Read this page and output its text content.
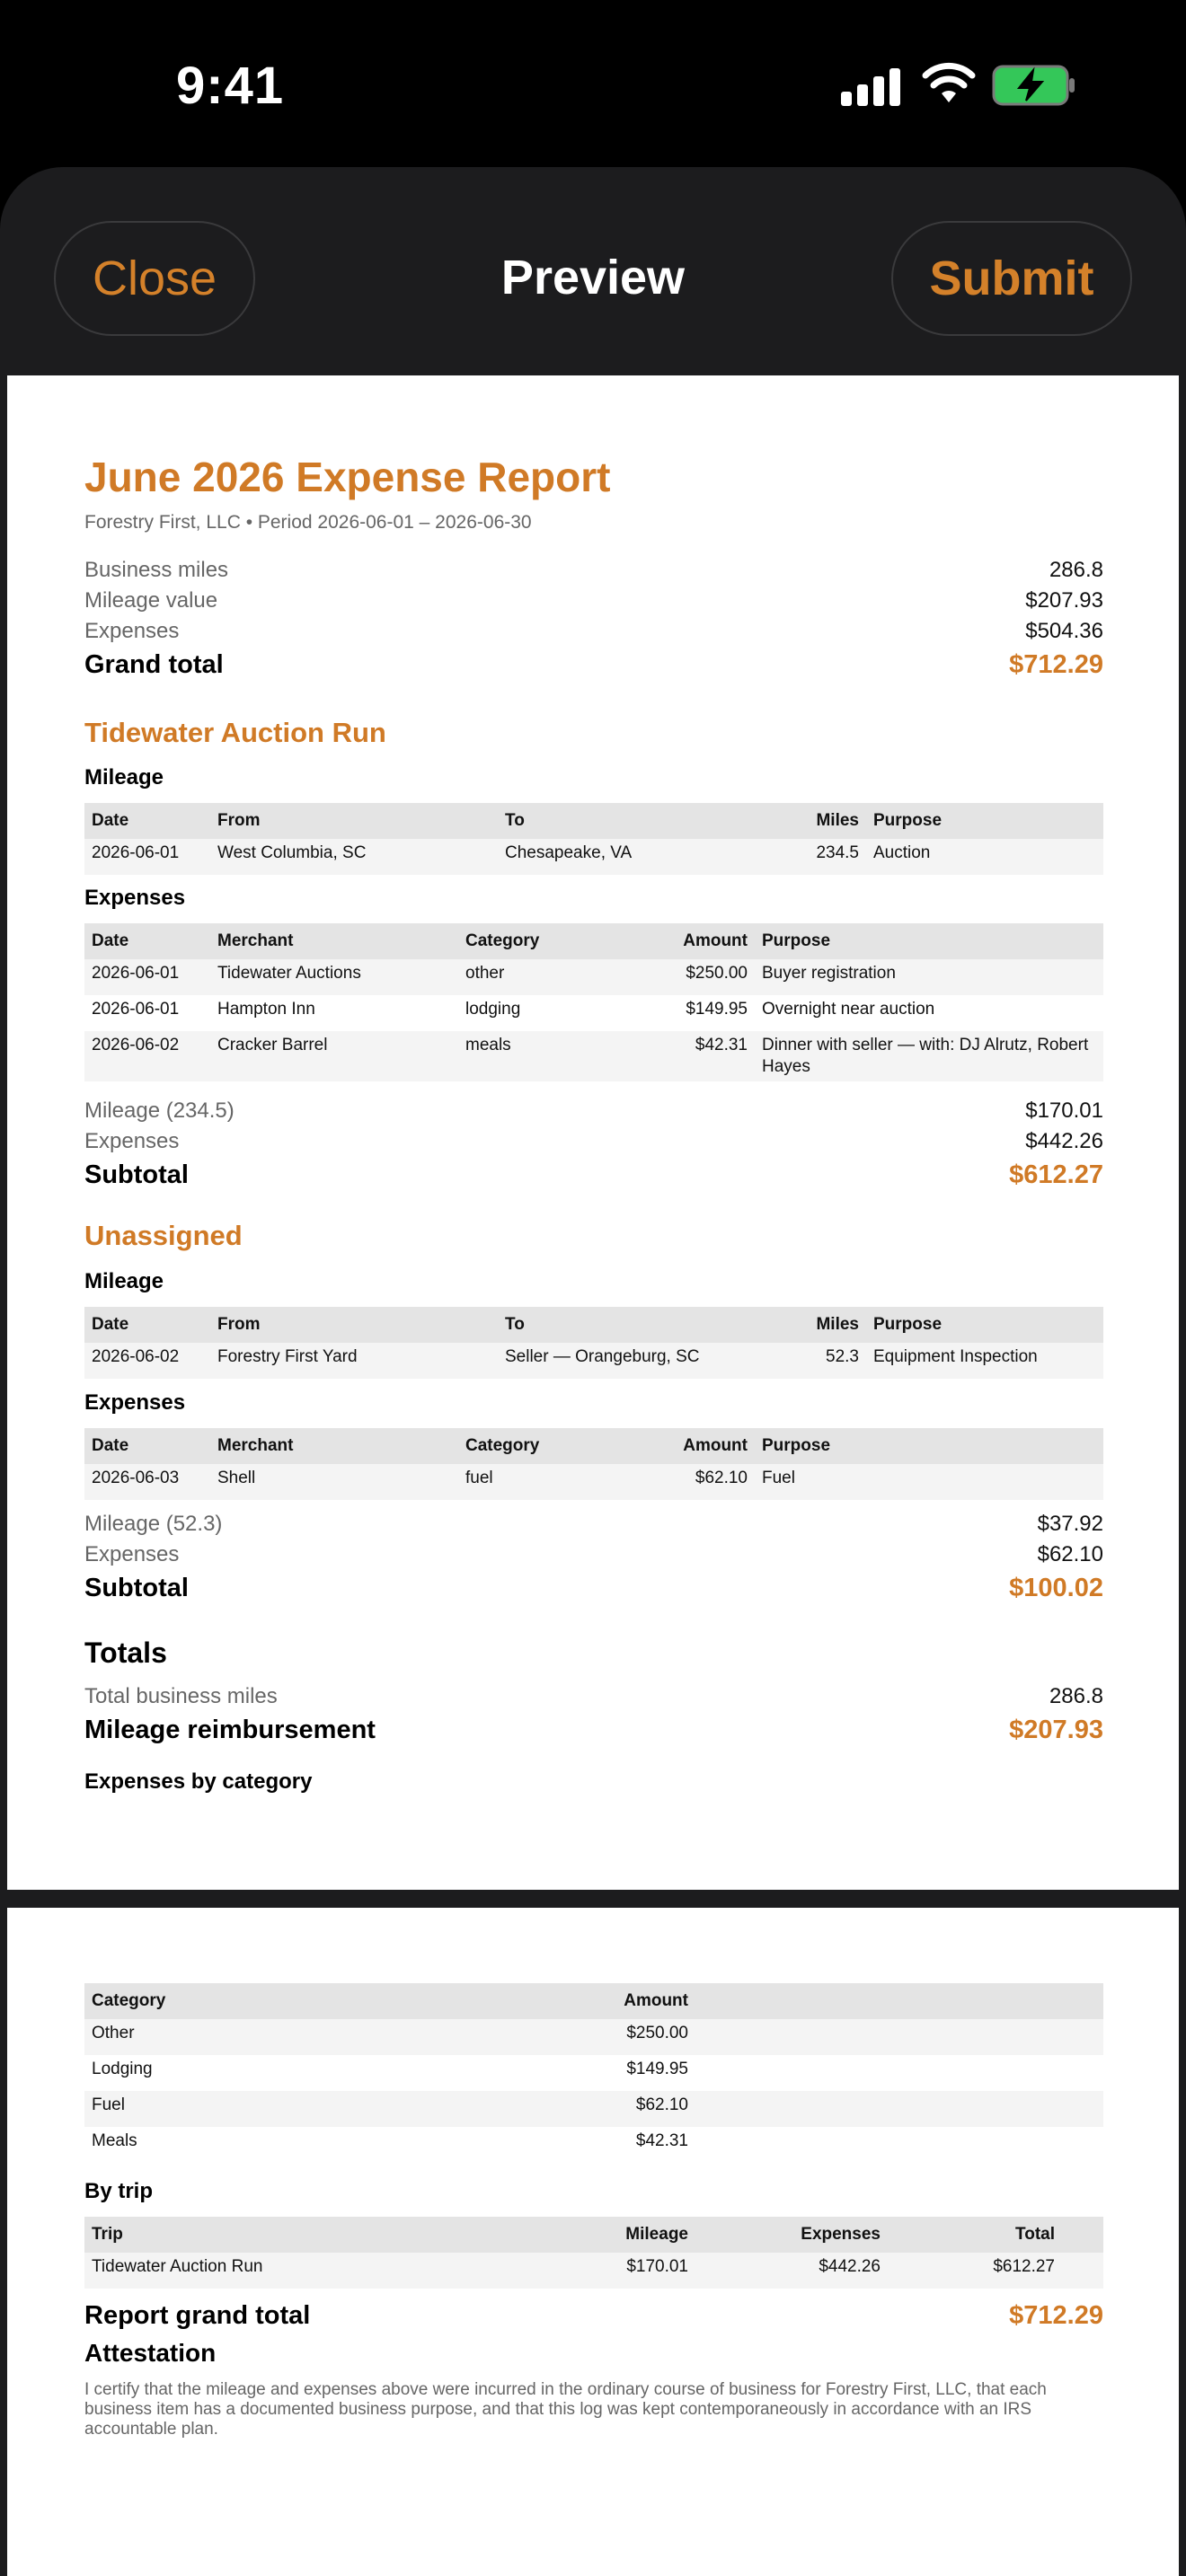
9:41
Close	Preview	Submit
June 2026 Expense Report
Forestry First, LLC • Period 2026-06-01 – 2026-06-30
Business miles	286.8
Mileage value	$207.93
Expenses	$504.36
Grand total	$712.29
Tidewater Auction Run
Mileage
Date	From	To	Miles	Purpose
2026-06-01	West Columbia, SC	Chesapeake, VA	234.5	Auction
Expenses
Date	Merchant	Category	Amount	Purpose
2026-06-01	Tidewater Auctions	other	$250.00	Buyer registration
2026-06-01	Hampton Inn	lodging	$149.95	Overnight near auction
2026-06-02	Cracker Barrel	meals	$42.31	Dinner with seller — with: DJ Alrutz, Robert Hayes
Mileage (234.5)	$170.01
Expenses	$442.26
Subtotal	$612.27
Unassigned
Mileage
Date	From	To	Miles	Purpose
2026-06-02	Forestry First Yard	Seller — Orangeburg, SC	52.3	Equipment Inspection
Expenses
Date	Merchant	Category	Amount	Purpose
2026-06-03	Shell	fuel	$62.10	Fuel
Mileage (52.3)	$37.92
Expenses	$62.10
Subtotal	$100.02
Totals
Total business miles	286.8
Mileage reimbursement	$207.93
Expenses by category
Category	Amount	
Other	$250.00	
Lodging	$149.95	
Fuel	$62.10	
Meals	$42.31	
By trip
Trip	Mileage	Expenses	Total	
Tidewater Auction Run	$170.01	$442.26	$612.27	
Report grand total	$712.29
Attestation
I certify that the mileage and expenses above were incurred in the ordinary course of business for Forestry First, LLC, that each business item has a documented business purpose, and that this log was kept contemporaneously in accordance with an IRS accountable plan.
